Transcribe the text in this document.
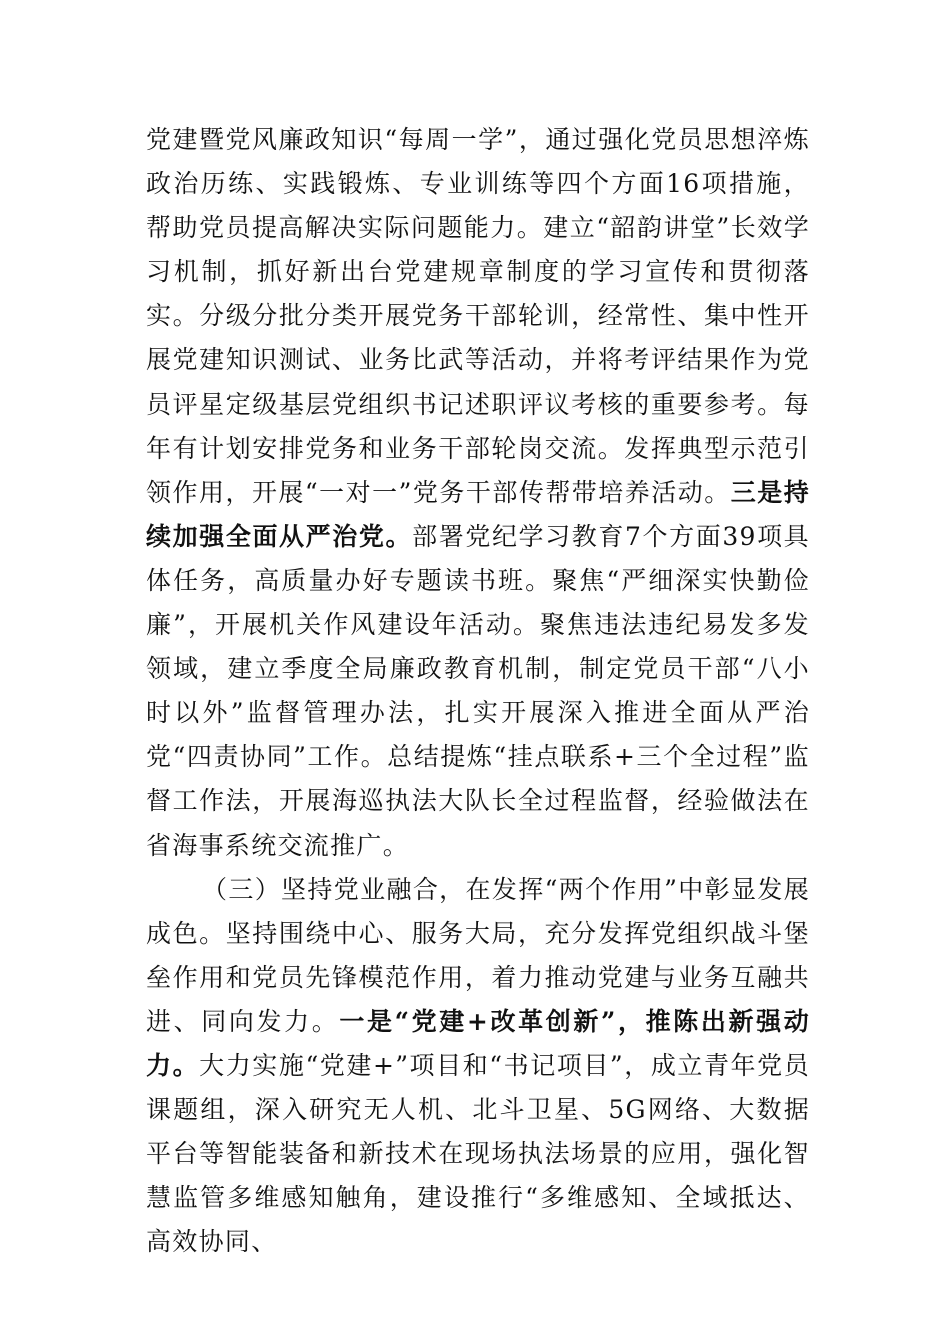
党建暨党风廉政知识“每周一学”，通过强化党员思想淬炼政治历练、实践锻炼、专业训练等四个方面16项措施，帮助党员提高解决实际问题能力。建立“韶韵讲堂”长效学习机制，抓好新出台党建规章制度的学习宣传和贯彻落实。分级分批分类开展党务干部轮训，经常性、集中性开展党建知识测试、业务比武等活动，并将考评结果作为党员评星定级基层党组织书记述职评议考核的重要参考。每年有计划安排党务和业务干部轮岗交流。发挥典型示范引领作用，开展“一对一”党务干部传帮带培养活动。三是持续加强全面从严治党。部署党纪学习教育7个方面39项具体任务，高质量办好专题读书班。聚焦“严细深实快勤俭廉”，开展机关作风建设年活动。聚焦违法违纪易发多发领域，建立季度全局廉政教育机制，制定党员干部“八小时以外”监督管理办法，扎实开展深入推进全面从严治党“四责协同”工作。总结提炼“挂点联系+三个全过程”监督工作法，开展海巡执法大队长全过程监督，经验做法在省海事系统交流推广。

（三）坚持党业融合，在发挥“两个作用”中彰显发展成色。坚持围绕中心、服务大局，充分发挥党组织战斗堡垒作用和党员先锋模范作用，着力推动党建与业务互融共进、同向发力。一是“党建+改革创新”，推陈出新强动力。大力实施“党建+”项目和“书记项目”，成立青年党员课题组，深入研究无人机、北斗卫星、5G网络、大数据平台等智能装备和新技术在现场执法场景的应用，强化智慧监管多维感知触角，建设推行“多维感知、全域抵达、高效协同、
